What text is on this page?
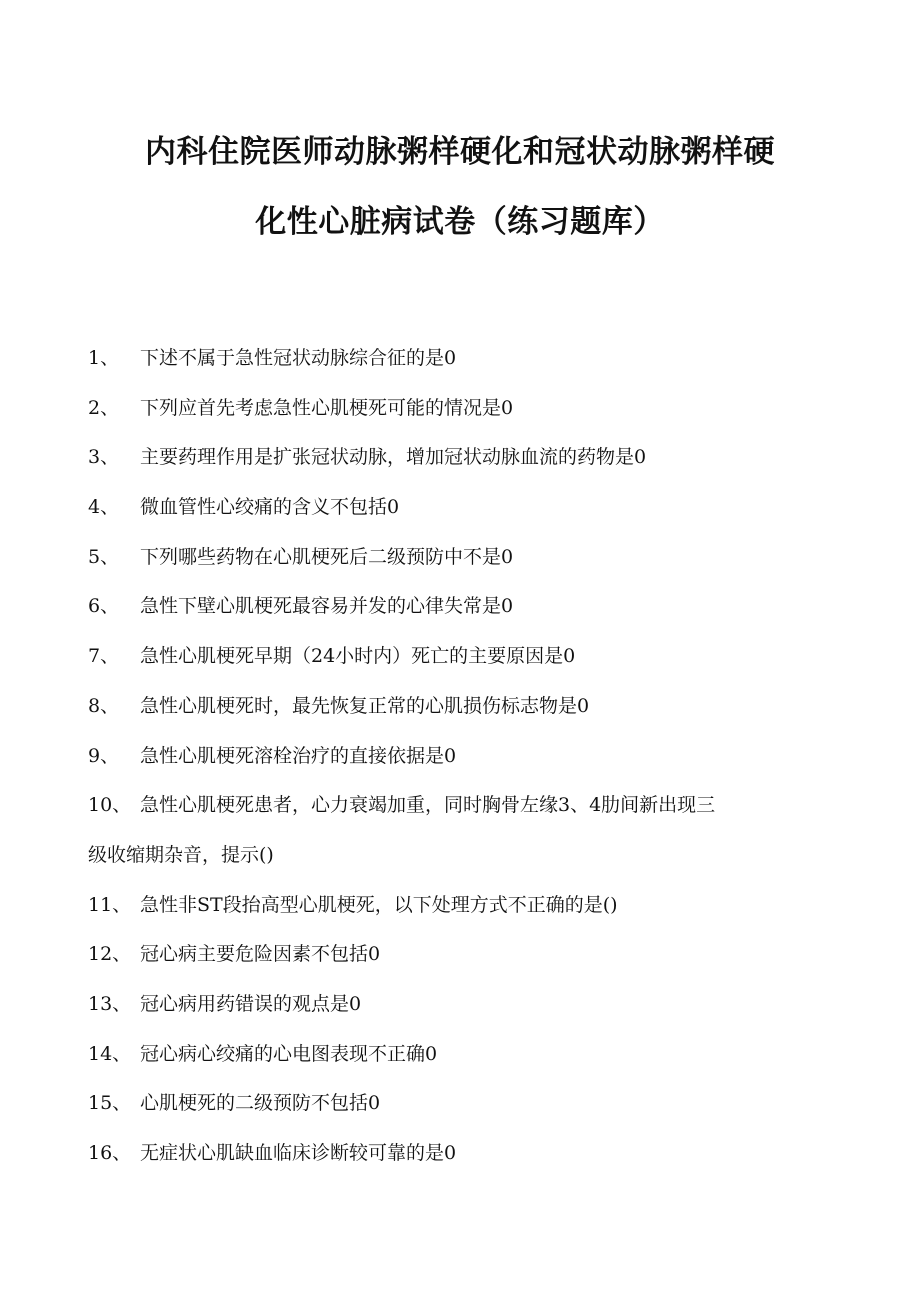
内科住院医师动脉粥样硬化和冠状动脉粥样硬
化性心脏病试卷（练习题库）
1、 下述不属于急性冠状动脉综合征的是0
2、 下列应首先考虑急性心肌梗死可能的情况是0
3、 主要药理作用是扩张冠状动脉，增加冠状动脉血流的药物是0
4、 微血管性心绞痛的含义不包括0
5、 下列哪些药物在心肌梗死后二级预防中不是0
6、 急性下壁心肌梗死最容易并发的心律失常是0
7、 急性心肌梗死早期（24小时内）死亡的主要原因是0
8、 急性心肌梗死时，最先恢复正常的心肌损伤标志物是0
9、 急性心肌梗死溶栓治疗的直接依据是0
10、 急性心肌梗死患者，心力衰竭加重，同时胸骨左缘3、4肋间新出现三
级收缩期杂音，提示()
11、 急性非ST段抬高型心肌梗死，以下处理方式不正确的是()
12、 冠心病主要危险因素不包括0
13、 冠心病用药错误的观点是0
14、 冠心病心绞痛的心电图表现不正确0
15、 心肌梗死的二级预防不包括0
16、 无症状心肌缺血临床诊断较可靠的是0
